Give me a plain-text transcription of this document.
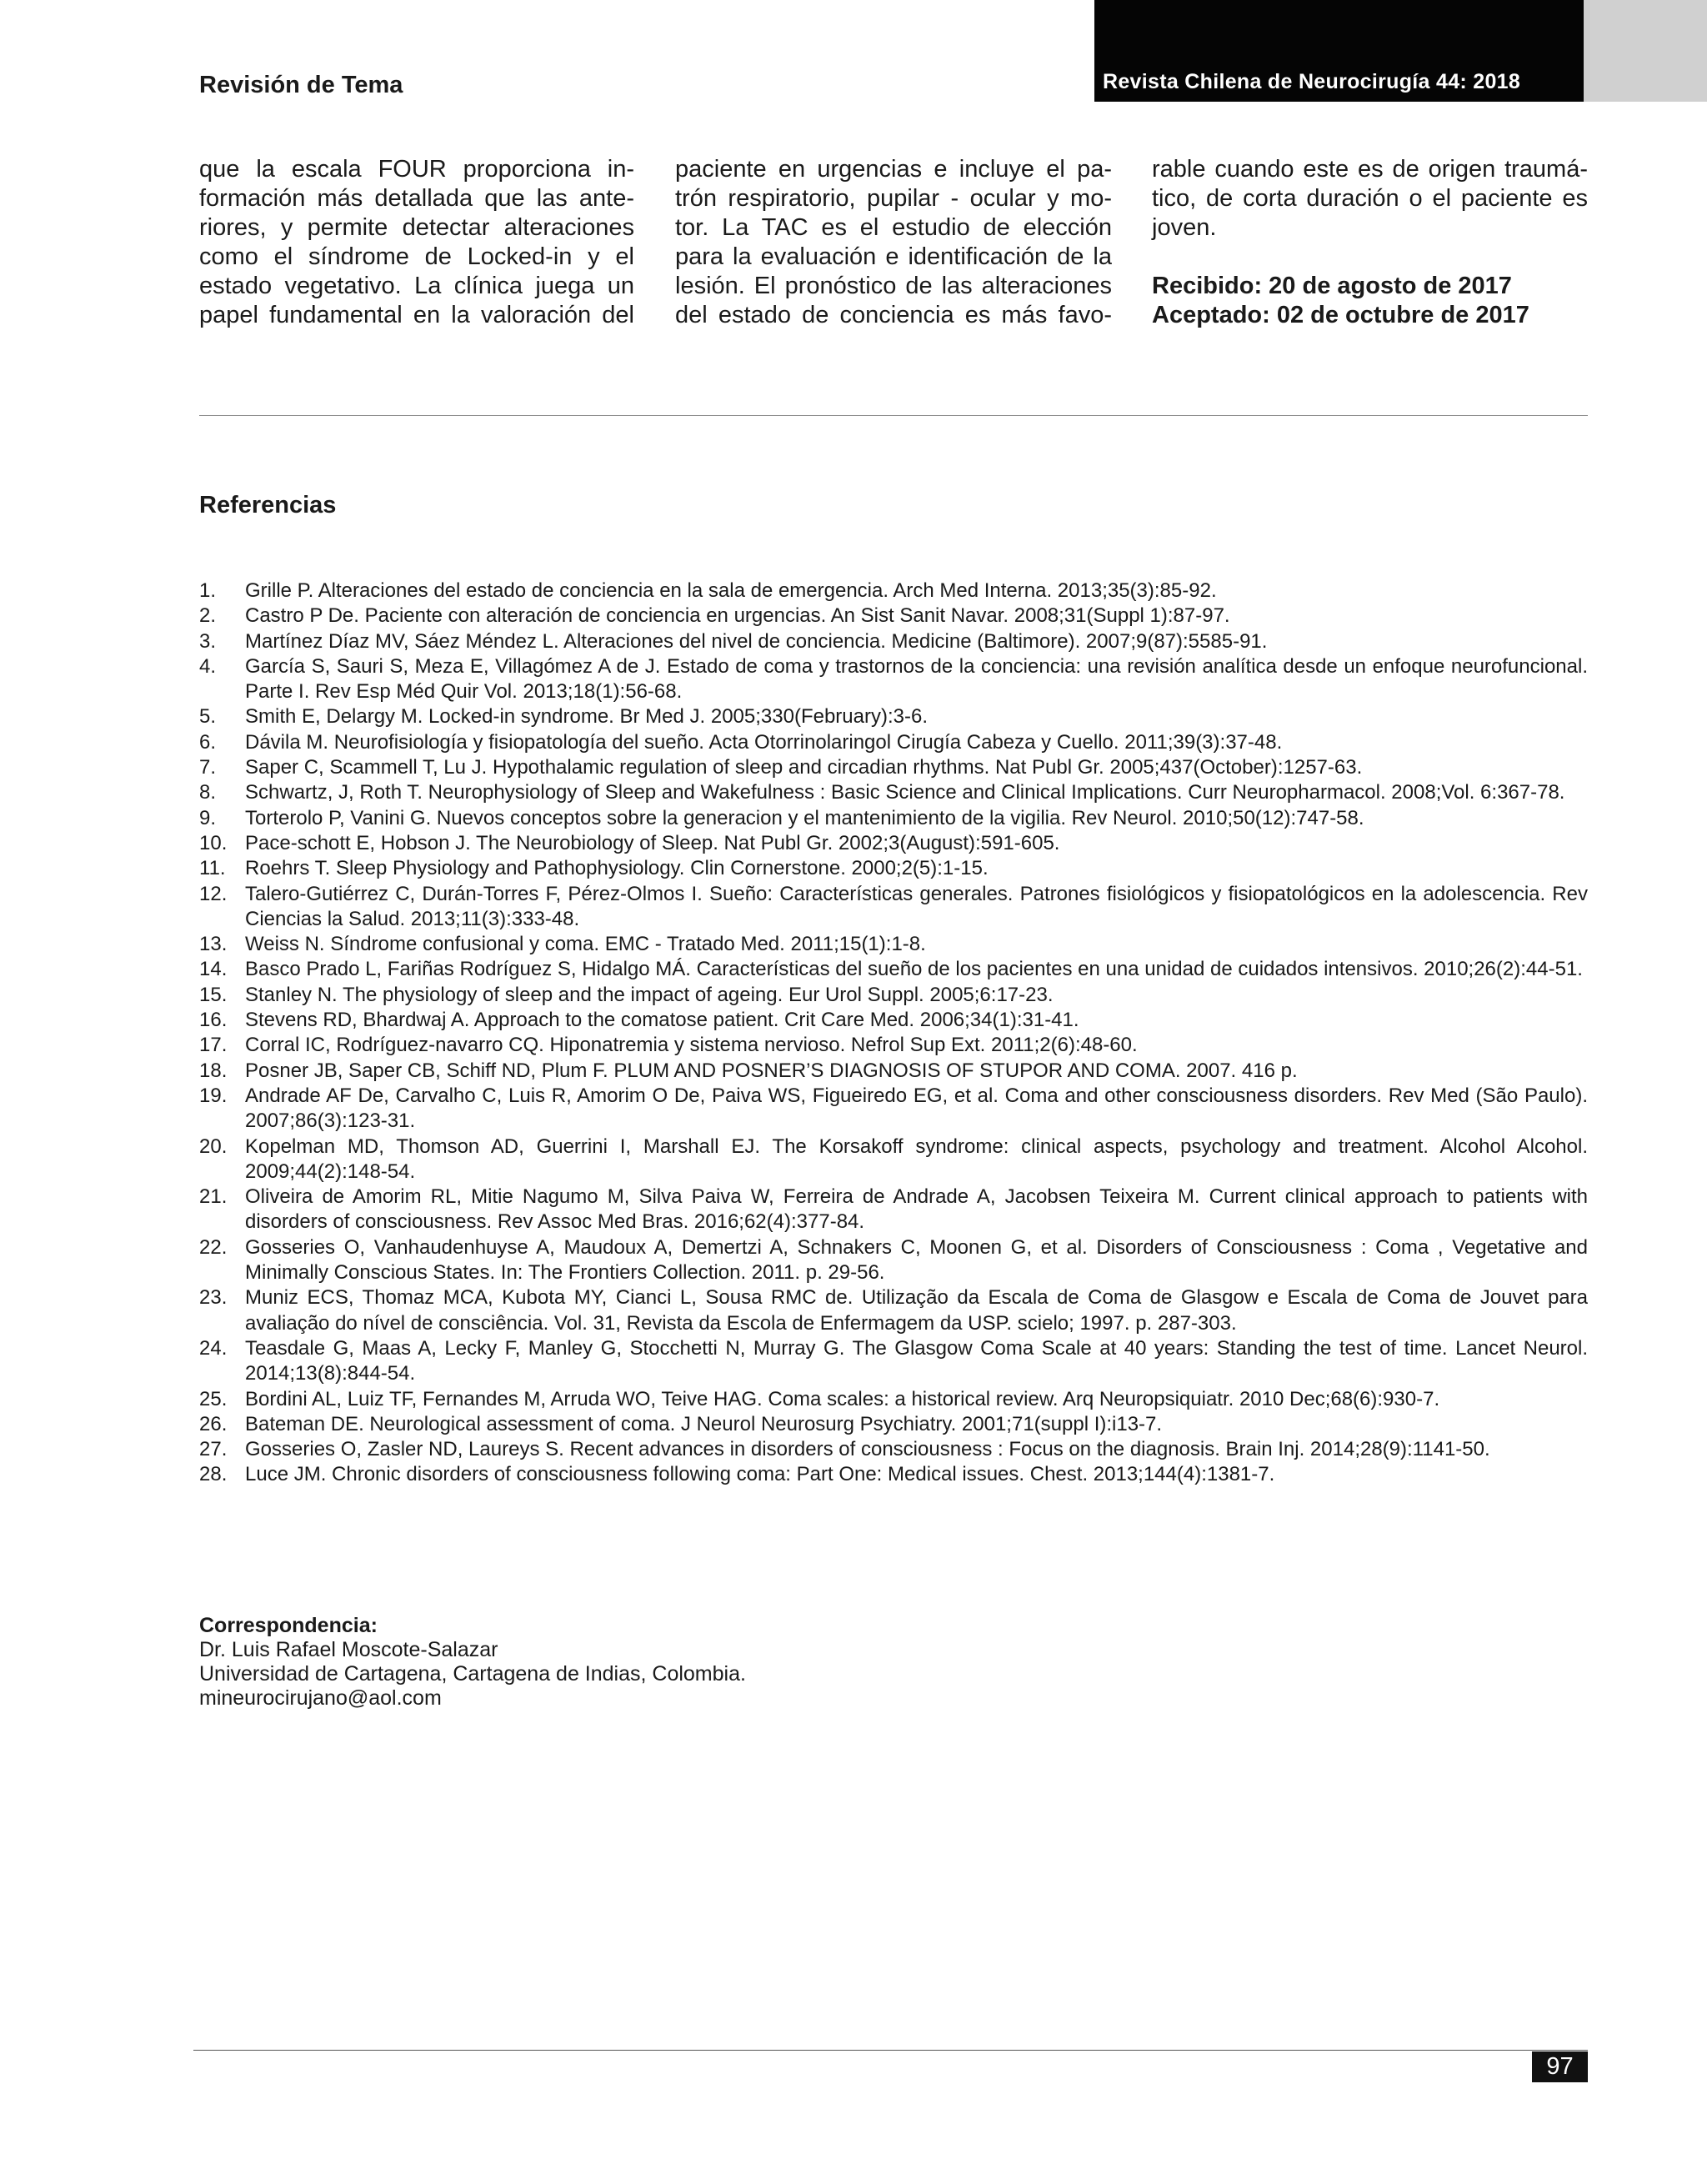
Revista Chilena de Neurocirugía 44: 2018
Revisión de Tema
que la escala FOUR proporciona in-
formación más detallada que las ante-
riores, y permite detectar alteraciones
como el síndrome de Locked-in y el
estado vegetativo. La clínica juega un
papel fundamental en la valoración del
paciente en urgencias e incluye el pa-
trón respiratorio, pupilar - ocular y mo-
tor. La TAC es el estudio de elección
para la evaluación e identificación de la
lesión. El pronóstico de las alteraciones
del estado de conciencia es más favo-
rable cuando este es de origen traumá-
tico, de corta duración o el paciente es
joven.
Recibido: 20 de agosto de 2017
Aceptado: 02 de octubre de 2017
Referencias
1. Grille P. Alteraciones del estado de conciencia en la sala de emergencia. Arch Med Interna. 2013;35(3):85-92.
2. Castro P De. Paciente con alteración de conciencia en urgencias. An Sist Sanit Navar. 2008;31(Suppl 1):87-97.
3. Martínez Díaz MV, Sáez Méndez L. Alteraciones del nivel de conciencia. Medicine (Baltimore). 2007;9(87):5585-91.
4. García S, Sauri S, Meza E, Villagómez A de J. Estado de coma y trastornos de la conciencia: una revisión analítica desde un enfoque neurofuncional. Parte I. Rev Esp Méd Quir Vol. 2013;18(1):56-68.
5. Smith E, Delargy M. Locked-in syndrome. Br Med J. 2005;330(February):3-6.
6. Dávila M. Neurofisiología y fisiopatología del sueño. Acta Otorrinolaringol Cirugía Cabeza y Cuello. 2011;39(3):37-48.
7. Saper C, Scammell T, Lu J. Hypothalamic regulation of sleep and circadian rhythms. Nat Publ Gr. 2005;437(October):1257-63.
8. Schwartz, J, Roth T. Neurophysiology of Sleep and Wakefulness : Basic Science and Clinical Implications. Curr Neuropharmacol. 2008;Vol. 6:367-78.
9. Torterolo P, Vanini G. Nuevos conceptos sobre la generacion y el mantenimiento de la vigilia. Rev Neurol. 2010;50(12):747-58.
10. Pace-schott E, Hobson J. The Neurobiology of Sleep. Nat Publ Gr. 2002;3(August):591-605.
11. Roehrs T. Sleep Physiology and Pathophysiology. Clin Cornerstone. 2000;2(5):1-15.
12. Talero-Gutiérrez C, Durán-Torres F, Pérez-Olmos I. Sueño: Características generales. Patrones fisiológicos y fisiopatológicos en la adolescencia. Rev Ciencias la Salud. 2013;11(3):333-48.
13. Weiss N. Síndrome confusional y coma. EMC - Tratado Med. 2011;15(1):1-8.
14. Basco Prado L, Fariñas Rodríguez S, Hidalgo MÁ. Características del sueño de los pacientes en una unidad de cuidados intensivos. 2010;26(2):44-51.
15. Stanley N. The physiology of sleep and the impact of ageing. Eur Urol Suppl. 2005;6:17-23.
16. Stevens RD, Bhardwaj A. Approach to the comatose patient. Crit Care Med. 2006;34(1):31-41.
17. Corral IC, Rodríguez-navarro CQ. Hiponatremia y sistema nervioso. Nefrol Sup Ext. 2011;2(6):48-60.
18. Posner JB, Saper CB, Schiff ND, Plum F. PLUM AND POSNER’S DIAGNOSIS OF STUPOR AND COMA. 2007. 416 p.
19. Andrade AF De, Carvalho C, Luis R, Amorim O De, Paiva WS, Figueiredo EG, et al. Coma and other consciousness disorders. Rev Med (São Paulo). 2007;86(3):123-31.
20. Kopelman MD, Thomson AD, Guerrini I, Marshall EJ. The Korsakoff syndrome: clinical aspects, psychology and treatment. Alcohol Alcohol. 2009;44(2):148-54.
21. Oliveira de Amorim RL, Mitie Nagumo M, Silva Paiva W, Ferreira de Andrade A, Jacobsen Teixeira M. Current clinical approach to patients with disorders of consciousness. Rev Assoc Med Bras. 2016;62(4):377-84.
22. Gosseries O, Vanhaudenhuyse A, Maudoux A, Demertzi A, Schnakers C, Moonen G, et al. Disorders of Consciousness : Coma , Vegetative and Minimally Conscious States. In: The Frontiers Collection. 2011. p. 29-56.
23. Muniz ECS, Thomaz MCA, Kubota MY, Cianci L, Sousa RMC de. Utilização da Escala de Coma de Glasgow e Escala de Coma de Jouvet para avaliação do nível de consciência. Vol. 31, Revista da Escola de Enfermagem da USP. scielo; 1997. p. 287-303.
24. Teasdale G, Maas A, Lecky F, Manley G, Stocchetti N, Murray G. The Glasgow Coma Scale at 40 years: Standing the test of time. Lancet Neurol. 2014;13(8):844-54.
25. Bordini AL, Luiz TF, Fernandes M, Arruda WO, Teive HAG. Coma scales: a historical review. Arq Neuropsiquiatr. 2010 Dec;68(6):930-7.
26. Bateman DE. Neurological assessment of coma. J Neurol Neurosurg Psychiatry. 2001;71(suppl I):i13-7.
27. Gosseries O, Zasler ND, Laureys S. Recent advances in disorders of consciousness : Focus on the diagnosis. Brain Inj. 2014;28(9):1141-50.
28. Luce JM. Chronic disorders of consciousness following coma: Part One: Medical issues. Chest. 2013;144(4):1381-7.
Correspondencia:
Dr. Luis Rafael Moscote-Salazar
Universidad de Cartagena, Cartagena de Indias, Colombia.
mineurocirujano@aol.com
97
